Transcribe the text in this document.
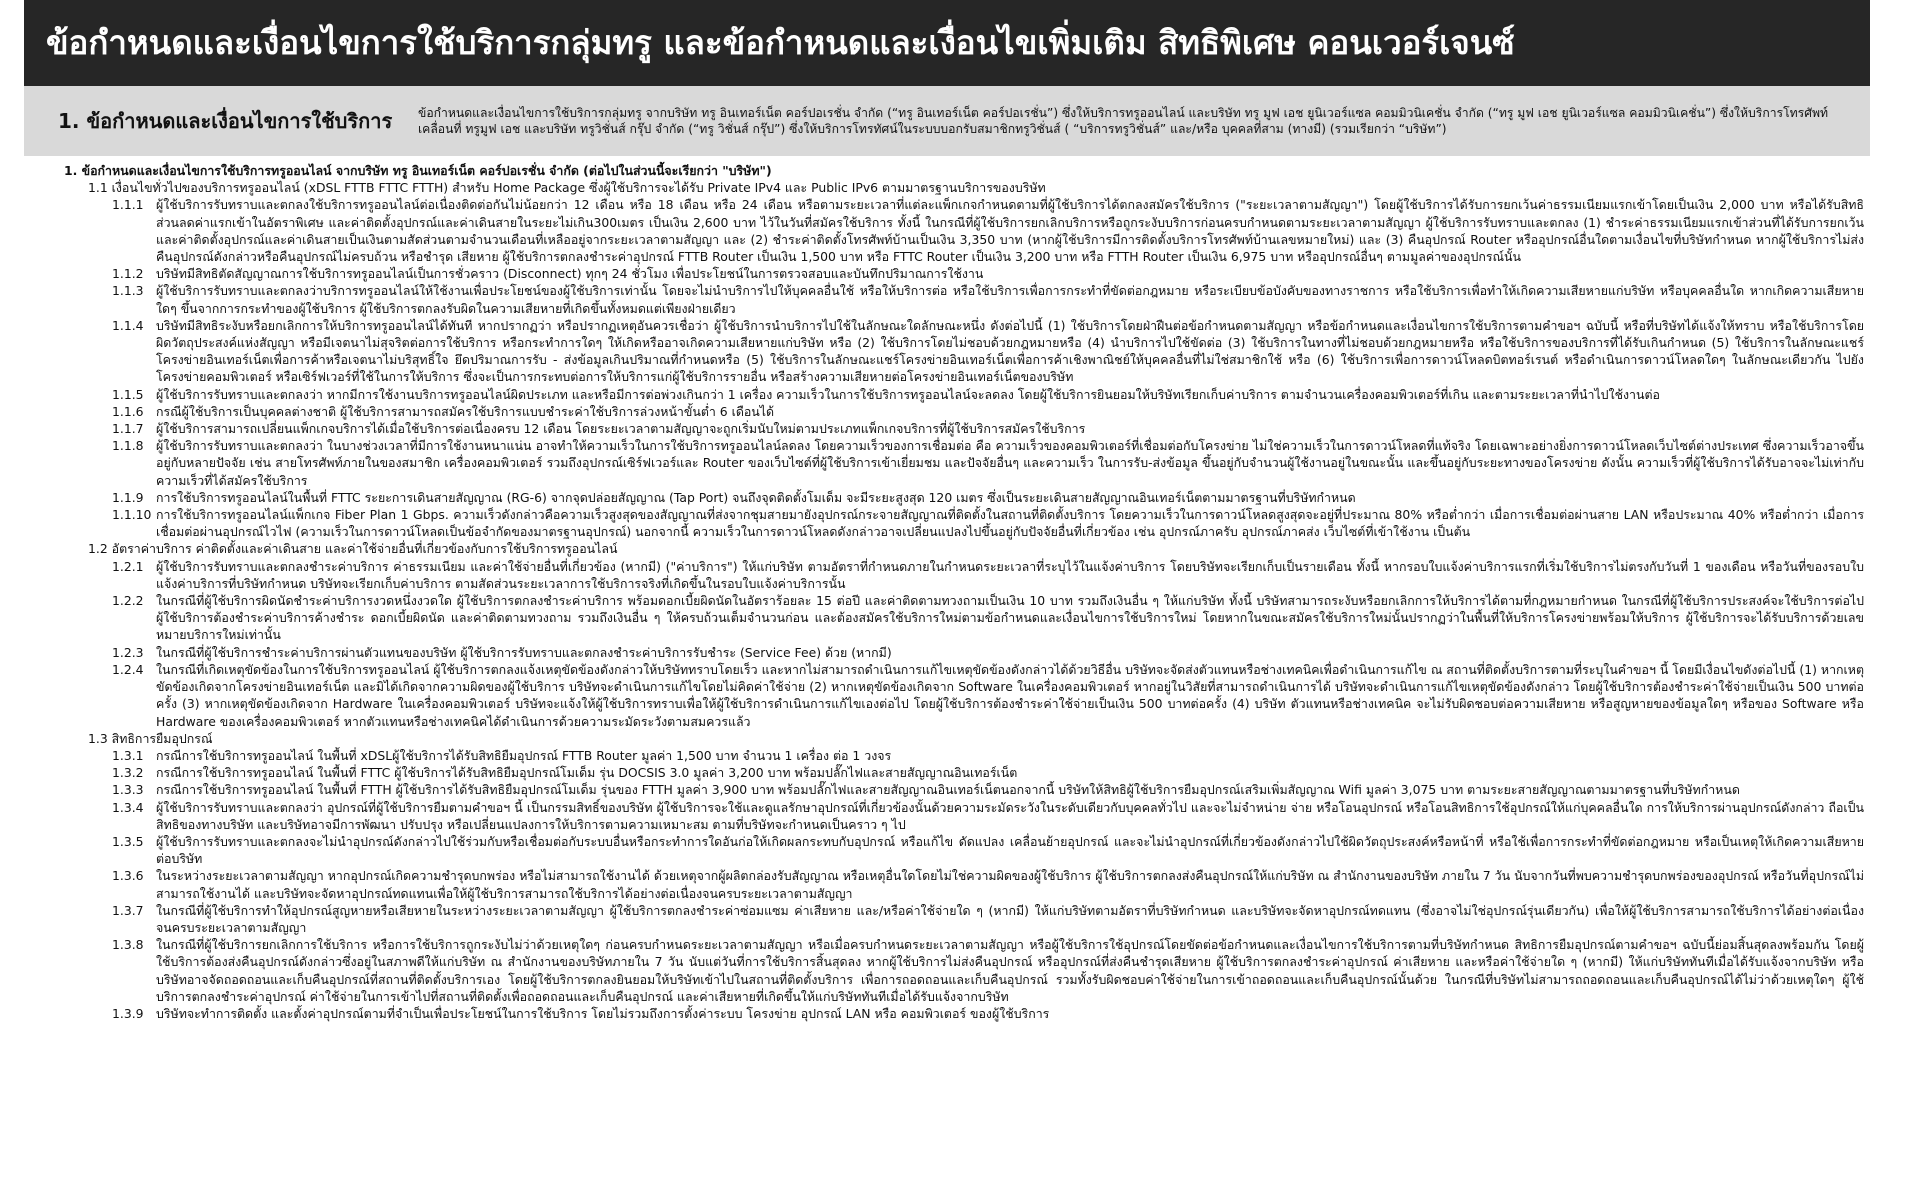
ข้อกำหนดและเงื่อนไขการใช้บริการกลุ่มทรู และข้อกำหนดและเงื่อนไขเพิ่มเติม สิทธิพิเศษ คอนเวอร์เจนซ์
1. ข้อกำหนดและเงื่อนไขการใช้บริการ	ข้อกำหนดและเงื่อนไขการใช้บริการกลุ่มทรู จากบริษัท ทรู อินเทอร์เน็ต คอร์ปอเรชั่น จำกัด (“ทรู อินเทอร์เน็ต คอร์ปอเรชั่น”) ซึ่งให้บริการทรูออนไลน์ และบริษัท ทรู มูฟ เอช ยูนิเวอร์แซล คอมมิวนิเคชั่น จำกัด (“ทรู มูฟ เอช ยูนิเวอร์แซล คอมมิวนิเคชั่น”) ซึ่งให้บริการโทรศัพท์เคลื่อนที่ ทรูมูฟ เอช และบริษัท ทรูวิชั่นส์ กรุ๊ป จำกัด (“ทรู วิชั่นส์ กรุ๊ป”) ซึ่งให้บริการโทรทัศน์ในระบบบอกรับสมาชิกทรูวิชั่นส์ ( “บริการทรูวิชั่นส์” และ/หรือ บุคคลที่สาม (ทางมี) (รวมเรียกว่า “บริษัท”)
1. ข้อกำหนดและเงื่อนไขการใช้บริการทรูออนไลน์ จากบริษัท ทรู อินเทอร์เน็ต คอร์ปอเรชั่น จำกัด (ต่อไปในส่วนนี้จะเรียกว่า "บริษัท")
1.1 เงื่อนไขทั่วไปของบริการทรูออนไลน์ (xDSL FTTB FTTC FTTH) สำหรับ Home Package ซึ่งผู้ใช้บริการจะได้รับ Private IPv4 และ Public IPv6 ตามมาตรฐานบริการของบริษัท
1.1.1	ผู้ใช้บริการรับทราบและตกลงใช้บริการทรูออนไลน์ต่อเนื่องติดต่อกันไม่น้อยกว่า 12 เดือน หรือ 18 เดือน หรือ 24 เดือน หรือตามระยะเวลาที่แต่ละแพ็กเกจกำหนดตามที่ผู้ใช้บริการได้ตกลงสมัครใช้บริการ ("ระยะเวลาตามสัญญา") โดยผู้ใช้บริการได้รับการยกเว้นค่าธรรมเนียมแรกเข้าโดยเป็นเงิน 2,000 บาท หรือได้รับสิทธิส่วนลดค่าแรกเข้าในอัตราพิเศษ และค่าติดตั้งอุปกรณ์และค่าเดินสายในระยะไม่เกิน300เมตร เป็นเงิน 2,600 บาท ไว้ในวันที่สมัครใช้บริการ ทั้งนี้ ในกรณีที่ผู้ใช้บริการยกเลิกบริการหรือถูกระงับบริการก่อนครบกำหนดตามระยะเวลาตามสัญญา ผู้ใช้บริการรับทราบและตกลง (1) ชำระค่าธรรมเนียมแรกเข้าส่วนที่ได้รับการยกเว้น และค่าติดตั้งอุปกรณ์และค่าเดินสายเป็นเงินตามสัดส่วนตามจำนวนเดือนที่เหลืออยู่จากระยะเวลาตามสัญญา และ (2) ชำระค่าติดตั้งโทรศัพท์บ้านเป็นเงิน 3,350 บาท (หากผู้ใช้บริการมีการติดตั้งบริการโทรศัพท์บ้านเลขหมายใหม่) และ (3) คืนอุปกรณ์ Router หรืออุปกรณ์อื่นใดตามเงื่อนไขที่บริษัทกำหนด หากผู้ใช้บริการไม่ส่งคืนอุปกรณ์ดังกล่าวหรือคืนอุปกรณ์ไม่ครบถ้วน หรือชำรุด เสียหาย ผู้ใช้บริการตกลงชำระค่าอุปกรณ์ FTTB Router เป็นเงิน 1,500 บาท หรือ FTTC Router เป็นเงิน 3,200 บาท หรือ FTTH Router เป็นเงิน 6,975 บาท หรืออุปกรณ์อื่นๆ ตามมูลค่าของอุปกรณ์นั้น
1.1.2	บริษัทมีสิทธิตัดสัญญาณการใช้บริการทรูออนไลน์เป็นการชั่วคราว (Disconnect) ทุกๆ 24 ชั่วโมง เพื่อประโยชน์ในการตรวจสอบและบันทึกปริมาณการใช้งาน
1.1.3	ผู้ใช้บริการรับทราบและตกลงว่าบริการทรูออนไลน์ให้ใช้งานเพื่อประโยชน์ของผู้ใช้บริการเท่านั้น โดยจะไม่นำบริการไปให้บุคคลอื่นใช้ หรือให้บริการต่อ หรือใช้บริการเพื่อการกระทำที่ขัดต่อกฎหมาย หรือระเบียบข้อบังคับของทางราชการ หรือใช้บริการเพื่อทำให้เกิดความเสียหายแก่บริษัท หรือบุคคลอื่นใด หากเกิดความเสียหายใดๆ ขึ้นจากการกระทำของผู้ใช้บริการ ผู้ใช้บริการตกลงรับผิดในความเสียหายที่เกิดขึ้นทั้งหมดแต่เพียงฝ่ายเดียว
1.1.4	บริษัทมีสิทธิระงับหรือยกเลิกการให้บริการทรูออนไลน์ได้ทันที หากปรากฏว่า หรือปรากฏเหตุอันควรเชื่อว่า ผู้ใช้บริการนำบริการไปใช้ในลักษณะใดลักษณะหนึ่ง ดังต่อไปนี้ (1) ใช้บริการโดยฝ่าฝืนต่อข้อกำหนดตามสัญญา หรือข้อกำหนดและเงื่อนไขการใช้บริการตามคำขอฯ ฉบับนี้ หรือที่บริษัทได้แจ้งให้ทราบ หรือใช้บริการโดยผิดวัตถุประสงค์แห่งสัญญา หรือมีเจตนาไม่สุจริตต่อการใช้บริการ หรือกระทำการใดๆ ให้เกิดหรืออาจเกิดความเสียหายแก่บริษัท หรือ (2) ใช้บริการโดยไม่ชอบด้วยกฎหมายหรือ (4) นำบริการไปใช้ขัดต่อ (3) ใช้บริการในทางที่ไม่ชอบด้วยกฎหมายหรือ หรือใช้บริการของบริการที่ได้รับเกินกำหนด (5) ใช้บริการในลักษณะแชร์โครงข่ายอินเทอร์เน็ตเพื่อการค้าหรือเจตนาไม่บริสุทธิ์ใจ ยึดปริมาณการรับ - ส่งข้อมูลเกินปริมาณที่กำหนดหรือ (5) ใช้บริการในลักษณะแชร์โครงข่ายอินเทอร์เน็ตเพื่อการค้าเชิงพาณิชย์ให้บุคคลอื่นที่ไม่ใช่สมาชิกใช้ หรือ (6) ใช้บริการเพื่อการดาวน์โหลดบิตทอร์เรนต์ หรือดำเนินการดาวน์โหลดใดๆ ในลักษณะเดียวกัน ไปยังโครงข่ายคอมพิวเตอร์ หรือเซิร์ฟเวอร์ที่ใช้ในการให้บริการ ซึ่งจะเป็นการกระทบต่อการให้บริการแก่ผู้ใช้บริการรายอื่น หรือสร้างความเสียหายต่อโครงข่ายอินเทอร์เน็ตของบริษัท
1.1.5	ผู้ใช้บริการรับทราบและตกลงว่า หากมีการใช้งานบริการทรูออนไลน์ผิดประเภท และหรือมีการต่อพ่วงเกินกว่า 1 เครื่อง ความเร็วในการใช้บริการทรูออนไลน์จะลดลง โดยผู้ใช้บริการยินยอมให้บริษัทเรียกเก็บค่าบริการ ตามจำนวนเครื่องคอมพิวเตอร์ที่เกิน และตามระยะเวลาที่นำไปใช้งานต่อ
1.1.6	กรณีผู้ใช้บริการเป็นบุคคลต่างชาติ ผู้ใช้บริการสามารถสมัครใช้บริการแบบชำระค่าใช้บริการล่วงหน้าขั้นต่ำ 6 เดือนได้
1.1.7	ผู้ใช้บริการสามารถเปลี่ยนแพ็กเกจบริการได้เมื่อใช้บริการต่อเนื่องครบ 12 เดือน โดยระยะเวลาตามสัญญาจะถูกเริ่มนับใหม่ตามประเภทแพ็กเกจบริการที่ผู้ใช้บริการสมัครใช้บริการ
1.1.8	ผู้ใช้บริการรับทราบและตกลงว่า ในบางช่วงเวลาที่มีการใช้งานหนาแน่น อาจทำให้ความเร็วในการใช้บริการทรูออนไลน์ลดลง โดยความเร็วของการเชื่อมต่อ คือ ความเร็วของคอมพิวเตอร์ที่เชื่อมต่อกับโครงข่าย ไม่ใช่ความเร็วในการดาวน์โหลดที่แท้จริง โดยเฉพาะอย่างยิ่งการดาวน์โหลดเว็บไซต์ต่างประเทศ ซึ่งความเร็วอาจขึ้นอยู่กับหลายปัจจัย เช่น สายโทรศัพท์ภายในของสมาชิก เครื่องคอมพิวเตอร์ รวมถึงอุปกรณ์เซิร์ฟเวอร์และ Router ของเว็บไซต์ที่ผู้ใช้บริการเข้าเยี่ยมชม และปัจจัยอื่นๆ และความเร็ว ในการรับ-ส่งข้อมูล ขึ้นอยู่กับจำนวนผู้ใช้งานอยู่ในขณะนั้น และขึ้นอยู่กับระยะทางของโครงข่าย ดังนั้น ความเร็วที่ผู้ใช้บริการได้รับอาจจะไม่เท่ากับความเร็วที่ได้สมัครใช้บริการ
1.1.9	การใช้บริการทรูออนไลน์ในพื้นที่ FTTC ระยะการเดินสายสัญญาณ (RG-6) จากจุดปล่อยสัญญาณ (Tap Port) จนถึงจุดติดตั้งโมเด็ม จะมีระยะสูงสุด 120 เมตร ซึ่งเป็นระยะเดินสายสัญญาณอินเทอร์เน็ตตามมาตรฐานที่บริษัทกำหนด
1.1.10 การใช้บริการทรูออนไลน์แพ็กเกจ Fiber Plan 1 Gbps. ความเร็วดังกล่าวคือความเร็วสูงสุดของสัญญาณที่ส่งจากชุมสายมายังอุปกรณ์กระจายสัญญาณที่ติดตั้งในสถานที่ติดตั้งบริการ โดยความเร็วในการดาวน์โหลดสูงสุดจะอยู่ที่ประมาณ 80% หรือต่ำกว่า เมื่อการเชื่อมต่อผ่านสาย LAN หรือประมาณ 40% หรือต่ำกว่า เมื่อการเชื่อมต่อผ่านอุปกรณ์ไวไฟ (ความเร็วในการดาวน์โหลดเป็นข้อจำกัดของมาตรฐานอุปกรณ์) นอกจากนี้ ความเร็วในการดาวน์โหลดดังกล่าวอาจเปลี่ยนแปลงไปขึ้นอยู่กับปัจจัยอื่นที่เกี่ยวข้อง เช่น อุปกรณ์ภาครับ อุปกรณ์ภาคส่ง เว็บไซต์ที่เข้าใช้งาน เป็นต้น
1.2 อัตราค่าบริการ ค่าติดตั้งและค่าเดินสาย และค่าใช้จ่ายอื่นที่เกี่ยวข้องกับการใช้บริการทรูออนไลน์
1.2.1	ผู้ใช้บริการรับทราบและตกลงชำระค่าบริการ ค่าธรรมเนียม และค่าใช้จ่ายอื่นที่เกี่ยวข้อง (หากมี) ("ค่าบริการ") ให้แก่บริษัท ตามอัตราที่กำหนดภายในกำหนดระยะเวลาที่ระบุไว้ในแจ้งค่าบริการ โดยบริษัทจะเรียกเก็บเป็นรายเดือน ทั้งนี้ หากรอบใบแจ้งค่าบริการแรกที่เริ่มใช้บริการไม่ตรงกับวันที่ 1 ของเดือน หรือวันที่ของรอบใบแจ้งค่าบริการที่บริษัทกำหนด บริษัทจะเรียกเก็บค่าบริการ ตามสัดส่วนระยะเวลาการใช้บริการจริงที่เกิดขึ้นในรอบใบแจ้งค่าบริการนั้น
1.2.2	ในกรณีที่ผู้ใช้บริการผิดนัดชำระค่าบริการงวดหนึ่งงวดใด ผู้ใช้บริการตกลงชำระค่าบริการ พร้อมดอกเบี้ยผิดนัดในอัตราร้อยละ 15 ต่อปี และค่าติดตามทวงถามเป็นเงิน 10 บาท รวมถึงเงินอื่น ๆ ให้แก่บริษัท ทั้งนี้ บริษัทสามารถระงับหรือยกเลิกการให้บริการได้ตามที่กฎหมายกำหนด ในกรณีที่ผู้ใช้บริการประสงค์จะใช้บริการต่อไป ผู้ใช้บริการต้องชำระค่าบริการค้างชำระ ดอกเบี้ยผิดนัด และค่าติดตามทวงถาม รวมถึงเงินอื่น ๆ ให้ครบถ้วนเต็มจำนวนก่อน และต้องสมัครใช้บริการใหม่ตามข้อกำหนดและเงื่อนไขการใช้บริการใหม่ โดยหากในขณะสมัครใช้บริการใหม่นั้นปรากฏว่าในพื้นที่ให้บริการโครงข่ายพร้อมให้บริการ ผู้ใช้บริการจะได้รับบริการด้วยเลขหมายบริการใหม่เท่านั้น
1.2.3	ในกรณีที่ผู้ใช้บริการชำระค่าบริการผ่านตัวแทนของบริษัท ผู้ใช้บริการรับทราบและตกลงชำระค่าบริการรับชำระ (Service Fee) ด้วย (หากมี)
1.2.4	ในกรณีที่เกิดเหตุขัดข้องในการใช้บริการทรูออนไลน์ ผู้ใช้บริการตกลงแจ้งเหตุขัดข้องดังกล่าวให้บริษัททราบโดยเร็ว และหากไม่สามารถดำเนินการแก้ไขเหตุขัดข้องดังกล่าวได้ด้วยวิธีอื่น บริษัทจะจัดส่งตัวแทนหรือช่างเทคนิคเพื่อดำเนินการแก้ไข ณ สถานที่ติดตั้งบริการตามที่ระบุในคำขอฯ นี้ โดยมีเงื่อนไขดังต่อไปนี้ (1) หากเหตุขัดข้องเกิดจากโครงข่ายอินเทอร์เน็ต และมิได้เกิดจากความผิดของผู้ใช้บริการ บริษัทจะดำเนินการแก้ไขโดยไม่คิดค่าใช้จ่าย (2) หากเหตุขัดข้องเกิดจาก Software ในเครื่องคอมพิวเตอร์ หากอยู่ในวิสัยที่สามารถดำเนินการได้ บริษัทจะดำเนินการแก้ไขเหตุขัดข้องดังกล่าว โดยผู้ใช้บริการต้องชำระค่าใช้จ่ายเป็นเงิน 500 บาทต่อครั้ง (3) หากเหตุขัดข้องเกิดจาก Hardware ในเครื่องคอมพิวเตอร์ บริษัทจะแจ้งให้ผู้ใช้บริการทราบเพื่อให้ผู้ใช้บริการดำเนินการแก้ไขเองต่อไป โดยผู้ใช้บริการต้องชำระค่าใช้จ่ายเป็นเงิน 500 บาทต่อครั้ง (4) บริษัท ตัวแทนหรือช่างเทคนิค จะไม่รับผิดชอบต่อความเสียหาย หรือสูญหายของข้อมูลใดๆ หรือของ Software หรือ Hardware ของเครื่องคอมพิวเตอร์ หากตัวแทนหรือช่างเทคนิคได้ดำเนินการด้วยความระมัดระวังตามสมควรแล้ว
1.3 สิทธิการยืมอุปกรณ์
1.3.1	กรณีการใช้บริการทรูออนไลน์ ในพื้นที่ xDSLผู้ใช้บริการได้รับสิทธิยืมอุปกรณ์ FTTB Router มูลค่า 1,500 บาท จำนวน 1 เครื่อง ต่อ 1 วงจร
1.3.2	กรณีการใช้บริการทรูออนไลน์ ในพื้นที่ FTTC ผู้ใช้บริการได้รับสิทธิยืมอุปกรณ์โมเด็ม รุ่น DOCSIS 3.0 มูลค่า 3,200 บาท พร้อมปลั๊กไฟและสายสัญญาณอินเทอร์เน็ต
1.3.3	กรณีการใช้บริการทรูออนไลน์ ในพื้นที่ FTTH ผู้ใช้บริการได้รับสิทธิยืมอุปกรณ์โมเด็ม รุ่นของ FTTH มูลค่า 3,900 บาท พร้อมปลั๊กไฟและสายสัญญาณอินเทอร์เน็ตนอกจากนี้ บริษัทให้สิทธิผู้ใช้บริการยืมอุปกรณ์เสริมเพิ่มสัญญาณ Wifi มูลค่า 3,075 บาท ตามระยะสายสัญญาณตามมาตรฐานที่บริษัทกำหนด
1.3.4	ผู้ใช้บริการรับทราบและตกลงว่า อุปกรณ์ที่ผู้ใช้บริการยืมตามคำขอฯ นี้ เป็นกรรมสิทธิ์ของบริษัท ผู้ใช้บริการจะใช้และดูแลรักษาอุปกรณ์ที่เกี่ยวข้องนั้นด้วยความระมัดระวังในระดับเดียวกับบุคคลทั่วไป และจะไม่จำหน่าย จ่าย หรือโอนอุปกรณ์ หรือโอนสิทธิการใช้อุปกรณ์ให้แก่บุคคลอื่นใด การให้บริการผ่านอุปกรณ์ดังกล่าว ถือเป็นสิทธิของทางบริษัท และบริษัทอาจมีการพัฒนา ปรับปรุง หรือเปลี่ยนแปลงการให้บริการตามความเหมาะสม ตามที่บริษัทจะกำหนดเป็นคราว ๆ ไป
1.3.5	ผู้ใช้บริการรับทราบและตกลงจะไม่นำอุปกรณ์ดังกล่าวไปใช้ร่วมกับหรือเชื่อมต่อกับระบบอื่นหรือกระทำการใดอันก่อให้เกิดผลกระทบกับอุปกรณ์ หรือแก้ไข ดัดแปลง เคลื่อนย้ายอุปกรณ์ และจะไม่นำอุปกรณ์ที่เกี่ยวข้องดังกล่าวไปใช้ผิดวัตถุประสงค์หรือหน้าที่ หรือใช้เพื่อการกระทำที่ขัดต่อกฎหมาย หรือเป็นเหตุให้เกิดความเสียหายต่อบริษัท
1.3.6	ในระหว่างระยะเวลาตามสัญญา หากอุปกรณ์เกิดความชำรุดบกพร่อง หรือไม่สามารถใช้งานได้ ด้วยเหตุจากผู้ผลิตกล่องรับสัญญาณ หรือเหตุอื่นใดโดยไม่ใช่ความผิดของผู้ใช้บริการ ผู้ใช้บริการตกลงส่งคืนอุปกรณ์ให้แก่บริษัท ณ สำนักงานของบริษัท ภายใน 7 วัน นับจากวันที่พบความชำรุดบกพร่องของอุปกรณ์ หรือวันที่อุปกรณ์ไม่สามารถใช้งานได้ และบริษัทจะจัดหาอุปกรณ์ทดแทนเพื่อให้ผู้ใช้บริการสามารถใช้บริการได้อย่างต่อเนื่องจนครบระยะเวลาตามสัญญา
1.3.7	ในกรณีที่ผู้ใช้บริการทำให้อุปกรณ์สูญหายหรือเสียหายในระหว่างระยะเวลาตามสัญญา ผู้ใช้บริการตกลงชำระค่าซ่อมแซม ค่าเสียหาย และ/หรือค่าใช้จ่ายใด ๆ (หากมี) ให้แก่บริษัทตามอัตราที่บริษัทกำหนด และบริษัทจะจัดหาอุปกรณ์ทดแทน (ซึ่งอาจไม่ใช่อุปกรณ์รุ่นเดียวกัน) เพื่อให้ผู้ใช้บริการสามารถใช้บริการได้อย่างต่อเนื่องจนครบระยะเวลาตามสัญญา
1.3.8	ในกรณีที่ผู้ใช้บริการยกเลิกการใช้บริการ หรือการใช้บริการถูกระงับไม่ว่าด้วยเหตุใดๆ ก่อนครบกำหนดระยะเวลาตามสัญญา หรือเมื่อครบกำหนดระยะเวลาตามสัญญา หรือผู้ใช้บริการใช้อุปกรณ์โดยขัดต่อข้อกำหนดและเงื่อนไขการใช้บริการตามที่บริษัทกำหนด สิทธิการยืมอุปกรณ์ตามคำขอฯ ฉบับนี้ย่อมสิ้นสุดลงพร้อมกัน โดยผู้ใช้บริการต้องส่งคืนอุปกรณ์ดังกล่าวซึ่งอยู่ในสภาพดีให้แก่บริษัท ณ สำนักงานของบริษัทภายใน 7 วัน นับแต่วันที่การใช้บริการสิ้นสุดลง หากผู้ใช้บริการไม่ส่งคืนอุปกรณ์ หรืออุปกรณ์ที่ส่งคืนชำรุดเสียหาย ผู้ใช้บริการตกลงชำระค่าอุปกรณ์ ค่าเสียหาย และหรือค่าใช้จ่ายใด ๆ (หากมี) ให้แก่บริษัททันทีเมื่อได้รับแจ้งจากบริษัท หรือบริษัทอาจจัดถอดถอนและเก็บคืนอุปกรณ์ที่สถานที่ติดตั้งบริการเอง โดยผู้ใช้บริการตกลงยินยอมให้บริษัทเข้าไปในสถานที่ติดตั้งบริการ เพื่อการถอดถอนและเก็บคืนอุปกรณ์ รวมทั้งรับผิดชอบค่าใช้จ่ายในการเข้าถอดถอนและเก็บคืนอุปกรณ์นั้นด้วย ในกรณีที่บริษัทไม่สามารถถอดถอนและเก็บคืนอุปกรณ์ได้ไม่ว่าด้วยเหตุใดๆ ผู้ใช้บริการตกลงชำระค่าอุปกรณ์ ค่าใช้จ่ายในการเข้าไปที่สถานที่ติดตั้งเพื่อถอดถอนและเก็บคืนอุปกรณ์ และค่าเสียหายที่เกิดขึ้นให้แก่บริษัททันทีเมื่อได้รับแจ้งจากบริษัท
1.3.9	บริษัทจะทำการติดตั้ง และตั้งค่าอุปกรณ์ตามที่จำเป็นเพื่อประโยชน์ในการใช้บริการ โดยไม่รวมถึงการตั้งค่าระบบ โครงข่าย อุปกรณ์ LAN หรือ คอมพิวเตอร์ ของผู้ใช้บริการ
